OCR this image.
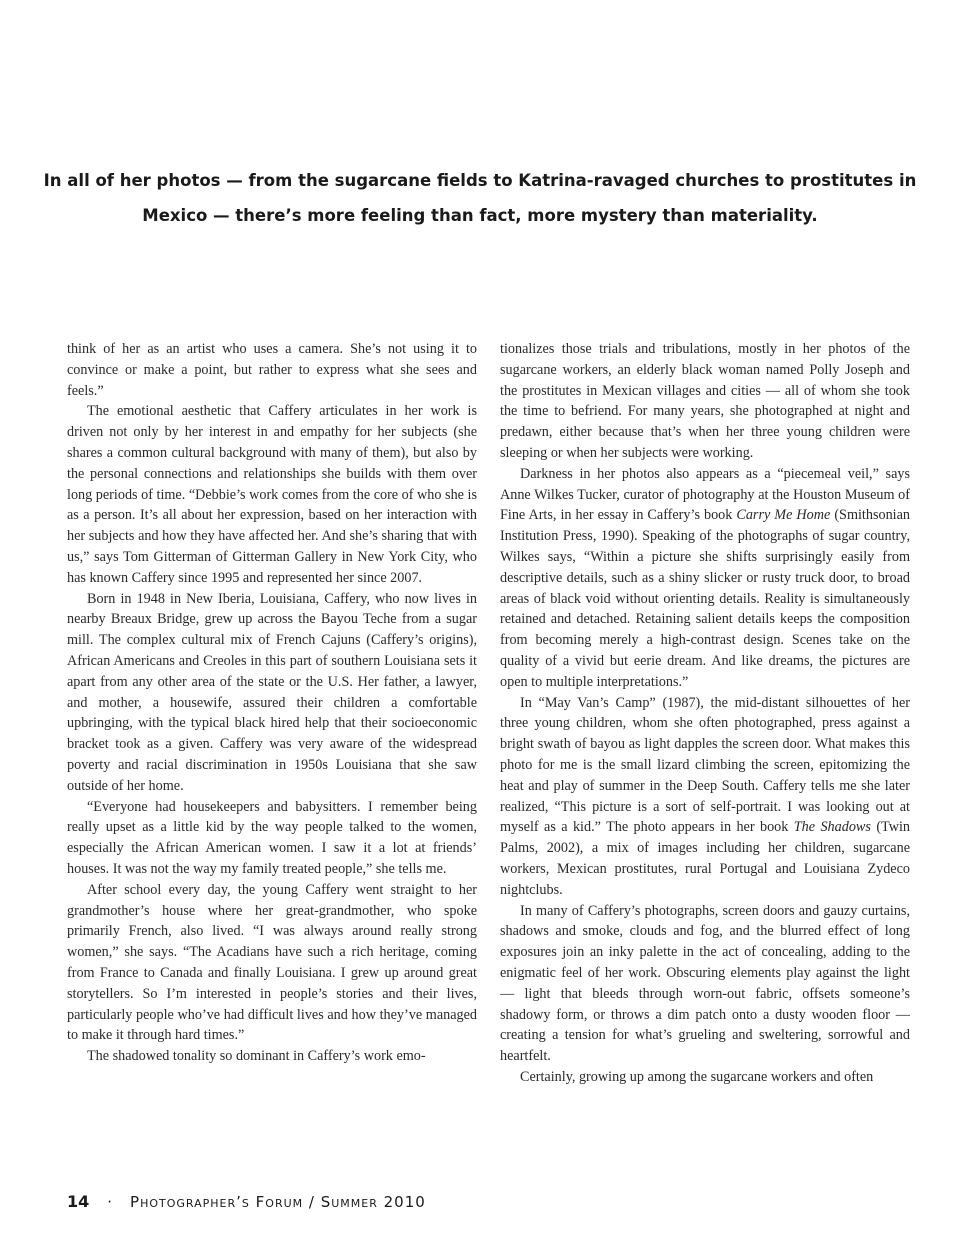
In all of her photos — from the sugarcane fields to Katrina-ravaged churches to prostitutes in
Mexico — there’s more feeling than fact, more mystery than materiality.

think of her as an artist who uses a camera. She’s not using it to convince or make a point, but rather to express what she sees and feels.”

The emotional aesthetic that Caffery articulates in her work is driven not only by her interest in and empathy for her subjects (she shares a common cultural background with many of them), but also by the personal connections and relationships she builds with them over long periods of time. “Debbie’s work comes from the core of who she is as a person. It’s all about her expression, based on her interaction with her subjects and how they have affected her. And she’s sharing that with us,” says Tom Gitterman of Gitterman Gallery in New York City, who has known Caffery since 1995 and represented her since 2007.

Born in 1948 in New Iberia, Louisiana, Caffery, who now lives in nearby Breaux Bridge, grew up across the Bayou Teche from a sugar mill. The complex cultural mix of French Cajuns (Caffery’s origins), African Americans and Creoles in this part of southern Louisiana sets it apart from any other area of the state or the U.S. Her father, a lawyer, and mother, a housewife, assured their children a comfortable upbringing, with the typical black hired help that their socioeconomic bracket took as a given. Caffery was very aware of the widespread poverty and racial discrimination in 1950s Louisiana that she saw outside of her home.

“Everyone had housekeepers and babysitters. I remember being really upset as a little kid by the way people talked to the women, especially the African American women. I saw it a lot at friends’ houses. It was not the way my family treated people,” she tells me.

After school every day, the young Caffery went straight to her grandmother’s house where her great-grandmother, who spoke primarily French, also lived. “I was always around really strong women,” she says. “The Acadians have such a rich heritage, coming from France to Canada and finally Louisiana. I grew up around great storytellers. So I’m interested in people’s stories and their lives, particularly people who’ve had difficult lives and how they’ve managed to make it through hard times.”

The shadowed tonality so dominant in Caffery’s work emo-

tionalizes those trials and tribulations, mostly in her photos of the sugarcane workers, an elderly black woman named Polly Joseph and the prostitutes in Mexican villages and cities — all of whom she took the time to befriend. For many years, she photographed at night and predawn, either because that’s when her three young children were sleeping or when her subjects were working.

Darkness in her photos also appears as a “piecemeal veil,” says Anne Wilkes Tucker, curator of photography at the Houston Museum of Fine Arts, in her essay in Caffery’s book Carry Me Home (Smithsonian Institution Press, 1990). Speaking of the photographs of sugar country, Wilkes says, “Within a picture she shifts surprisingly easily from descriptive details, such as a shiny slicker or rusty truck door, to broad areas of black void without orienting details. Reality is simultaneously retained and detached. Retaining salient details keeps the composition from becoming merely a high-contrast design. Scenes take on the quality of a vivid but eerie dream. And like dreams, the pictures are open to multiple interpretations.”

In “May Van’s Camp” (1987), the mid-distant silhouettes of her three young children, whom she often photographed, press against a bright swath of bayou as light dapples the screen door. What makes this photo for me is the small lizard climbing the screen, epitomizing the heat and play of summer in the Deep South. Caffery tells me she later realized, “This picture is a sort of self-portrait. I was looking out at myself as a kid.” The photo appears in her book The Shadows (Twin Palms, 2002), a mix of images including her children, sugarcane workers, Mexican prostitutes, rural Portugal and Louisiana Zydeco nightclubs.

In many of Caffery’s photographs, screen doors and gauzy curtains, shadows and smoke, clouds and fog, and the blurred effect of long exposures join an inky palette in the act of concealing, adding to the enigmatic feel of her work. Obscuring elements play against the light — light that bleeds through worn-out fabric, offsets someone’s shadowy form, or throws a dim patch onto a dusty wooden floor — creating a tension for what’s grueling and sweltering, sorrowful and heartfelt.

Certainly, growing up among the sugarcane workers and often

14 · Photographer’s Forum / Summer 2010
